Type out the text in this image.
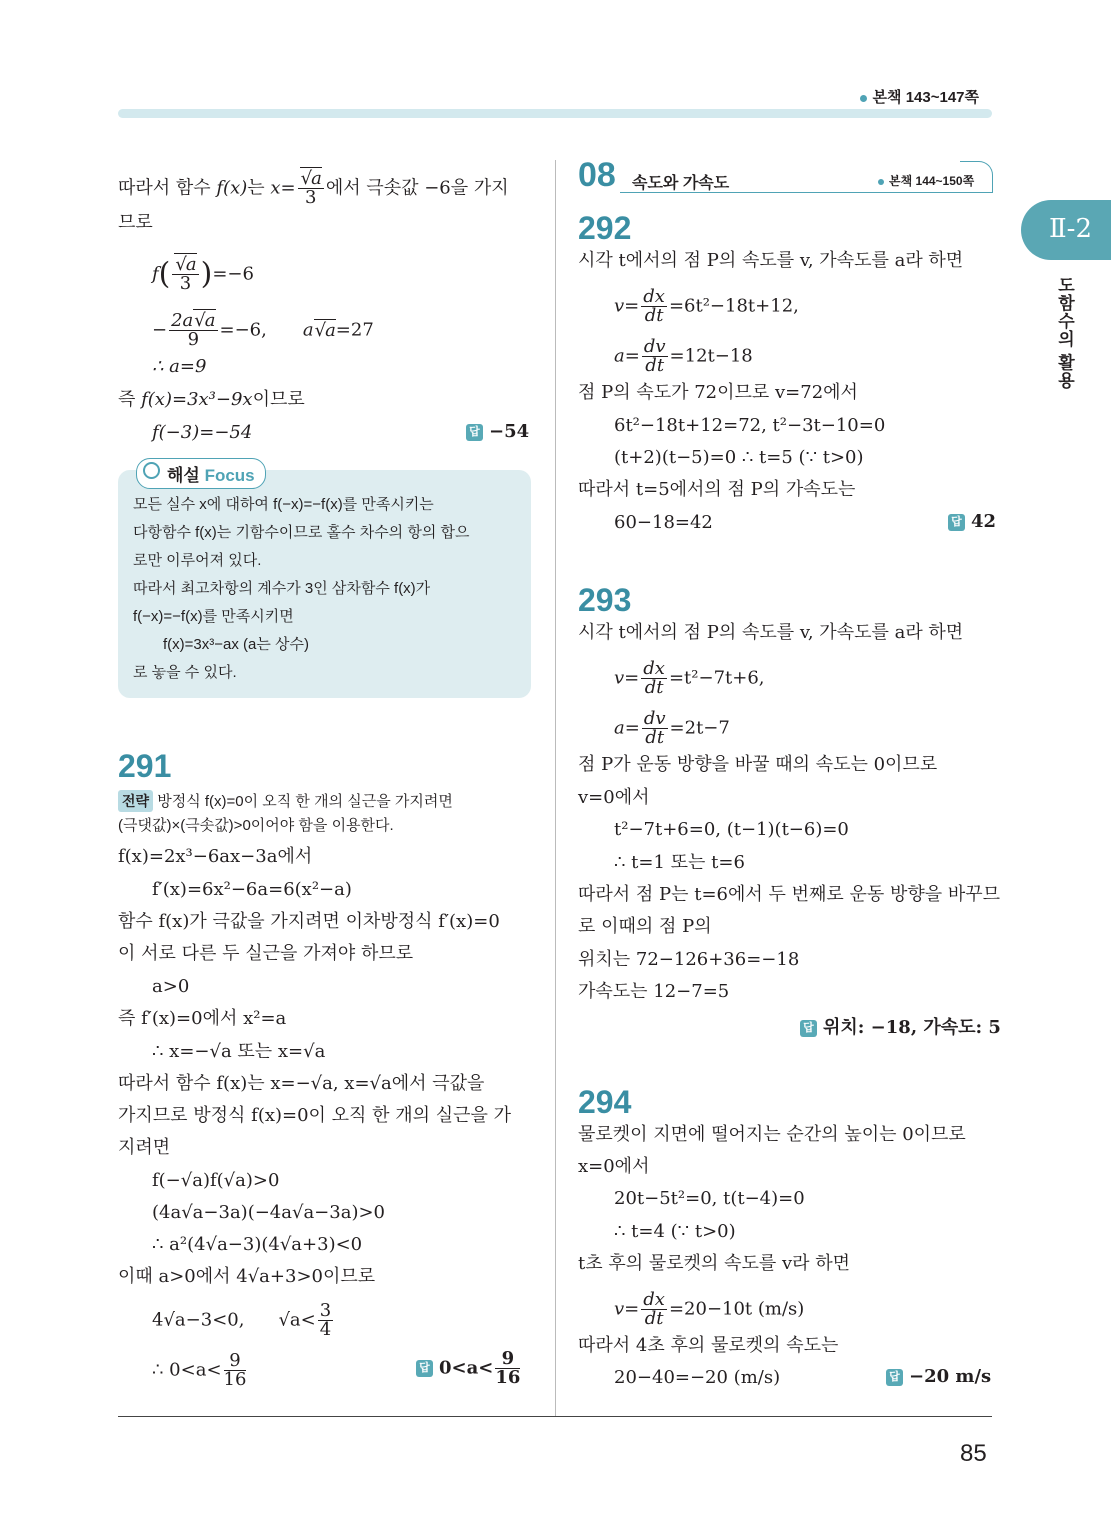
본책 143~147쪽
85
Ⅱ-2
도함수의 활용
따라서 함수 f(x)는 x= √ $\frac{a}{3}$ 에서 극솟값 −6을 가지
므로
f( √ $\frac{a}{3} )=-6$
− $\frac{2a √ a}{9} =-6$, a √ a=27
∴ a=9
즉 f(x)=3x³−9x이므로
f(−3)=−54	답 −54
해설 Focus
모든 실수 x에 대하여 f(−x)=−f(x)를 만족시키는
다항함수 f(x)는 기함수이므로 홀수 차수의 항의 합으
로만 이루어져 있다.
따라서 최고차항의 계수가 3인 삼차함수 f(x)가
f(−x)=−f(x)를 만족시키면
f(x)=3x³−ax (a는 상수)
로 놓을 수 있다.
291
전략 방정식 f(x)=0이 오직 한 개의 실근을 가지려면
(극댓값)×(극솟값)>0이어야 함을 이용한다.
f(x)=2x³−6ax−3a에서
f′(x)=6x²−6a=6(x²−a)
함수 f(x)가 극값을 가지려면 이차방정식 f′(x)=0
이 서로 다른 두 실근을 가져야 하므로
a>0
즉 f′(x)=0에서 x²=a
∴ x=−√a 또는 x=√a
따라서 함수 f(x)는 x=−√a, x=√a에서 극값을
가지므로 방정식 f(x)=0이 오직 한 개의 실근을 가
지려면
f(−√a)f(√a)>0
(4a√a−3a)(−4a√a−3a)>0
∴ a²(4√a−3)(4√a+3)<0
이때 a>0에서 4√a+3>0이므로
4√a−3<0, $√a< \frac{3}{4}$
∴ $0<a< \frac{9}{16}$	답 $0<a< \frac{9}{16}$
08 속도와 가속도	본책 144~150쪽
292
시각 t에서의 점 P의 속도를 v, 가속도를 a라 하면
$v= \frac{dx}{dt} =6t^2-18t+12$,
$a= \frac{dv}{dt} =12t-18$
점 P의 속도가 72이므로 v=72에서
6t²−18t+12=72, t²−3t−10=0
(t+2)(t−5)=0 ∴ t=5 (∵ t>0)
따라서 t=5에서의 점 P의 가속도는
60−18=42	답 42
293
시각 t에서의 점 P의 속도를 v, 가속도를 a라 하면
$v= \frac{dx}{dt} =t^2-7t+6$,
$a= \frac{dv}{dt} =2t-7$
점 P가 운동 방향을 바꿀 때의 속도는 0이므로
v=0에서
t²−7t+6=0, (t−1)(t−6)=0
∴ t=1 또는 t=6
따라서 점 P는 t=6에서 두 번째로 운동 방향을 바꾸므
로 이때의 점 P의
위치는 72−126+36=−18
가속도는 12−7=5
답 위치: −18, 가속도: 5
294
물로켓이 지면에 떨어지는 순간의 높이는 0이므로
x=0에서
20t−5t²=0, t(t−4)=0
∴ t=4 (∵ t>0)
t초 후의 물로켓의 속도를 v라 하면
$v= \frac{dx}{dt} =20-10t$ (m/s)
따라서 4초 후의 물로켓의 속도는
20−40=−20 (m/s)	답 −20 m/s
